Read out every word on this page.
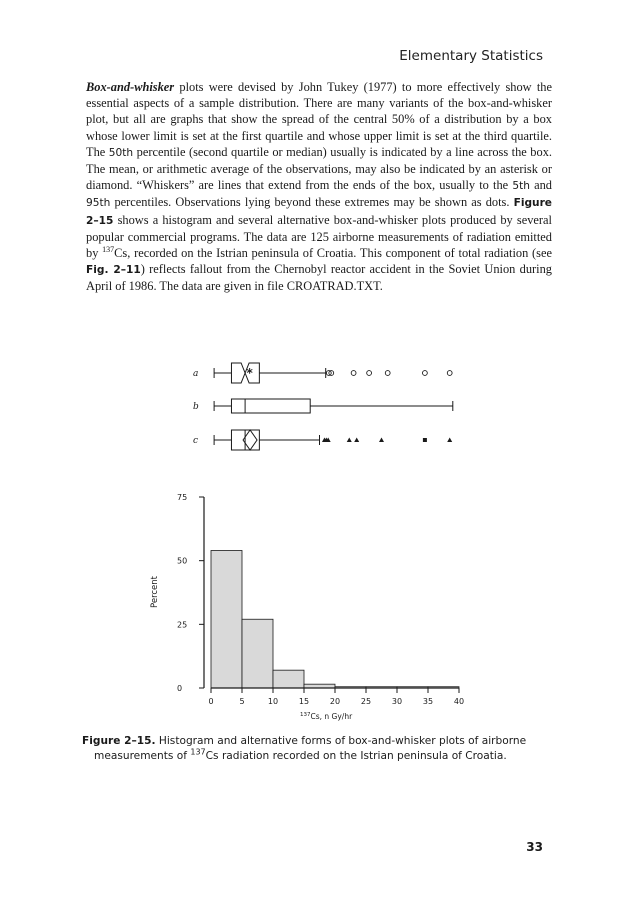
Elementary Statistics

Box-and-whisker plots were devised by John Tukey (1977) to more effectively show the essential aspects of a sample distribution. There are many variants of the box-and-whisker plot, but all are graphs that show the spread of the central 50% of a distribution by a box whose lower limit is set at the first quartile and whose upper limit is set at the third quartile. The 50th percentile (second quartile or median) usually is indicated by a line across the box. The mean, or arithmetic average of the observations, may also be indicated by an asterisk or diamond. “Whiskers” are lines that extend from the ends of the box, usually to the 5th and 95th percentiles. Observations lying beyond these extremes may be shown as dots. Figure 2–15 shows a histogram and several alternative box-and-whisker plots produced by several popular commercial programs. The data are 125 airborne measurements of radiation emitted by $^{137}$Cs, recorded on the Istrian peninsula of Croatia. This component of total radiation (see Fig. 2–11) reflects fallout from the Chernobyl reactor accident in the Soviet Union during April of 1986. The data are given in file CROATRAD.TXT.

a	*
b
c
0
25
50
75
Percent
0	5	10	15	20	25	30	35	40
$^{137}$Cs, n Gy/hr

Figure 2–15. Histogram and alternative forms of box-and-whisker plots of airborne measurements of $^{137}$Cs radiation recorded on the Istrian peninsula of Croatia.

33
